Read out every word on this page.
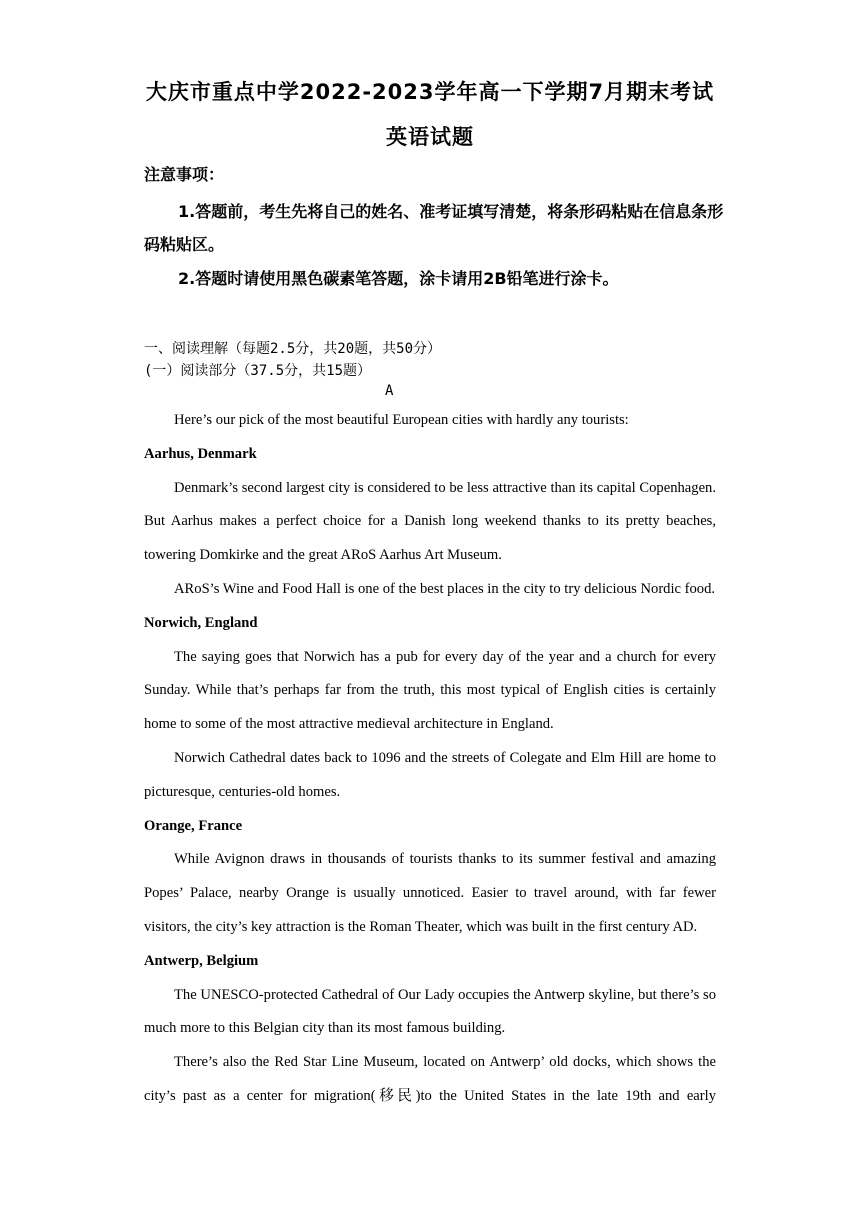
大庆市重点中学2022-2023学年高一下学期7月期末考试
英语试题
注意事项：
1.答题前，考生先将自己的姓名、准考证填写清楚，将条形码粘贴在信息条形码粘贴区。
2.答题时请使用黑色碳素笔答题，涂卡请用2B铅笔进行涂卡。
一、阅读理解（每题2.5分，共20题，共50分）
(一）阅读部分（37.5分，共15题）
A

Here’s our pick of the most beautiful European cities with hardly any tourists:

Aarhus, Denmark

Denmark’s second largest city is considered to be less attractive than its capital Copenhagen. But Aarhus makes a perfect choice for a Danish long weekend thanks to its pretty beaches, towering Domkirke and the great ARoS Aarhus Art Museum.

ARoS’s Wine and Food Hall is one of the best places in the city to try delicious Nordic food.

Norwich, England

The saying goes that Norwich has a pub for every day of the year and a church for every Sunday. While that’s perhaps far from the truth, this most typical of English cities is certainly home to some of the most attractive medieval architecture in England.

Norwich Cathedral dates back to 1096 and the streets of Colegate and Elm Hill are home to picturesque, centuries-old homes.

Orange, France

While Avignon draws in thousands of tourists thanks to its summer festival and amazing Popes’ Palace, nearby Orange is usually unnoticed. Easier to travel around, with far fewer visitors, the city’s key attraction is the Roman Theater, which was built in the first century AD.

Antwerp, Belgium

The UNESCO-protected Cathedral of Our Lady occupies the Antwerp skyline, but there’s so much more to this Belgian city than its most famous building.

There’s also the Red Star Line Museum, located on Antwerp’ old docks, which shows the city’s past as a center for migration(移民)to the United States in the late 19th and early
